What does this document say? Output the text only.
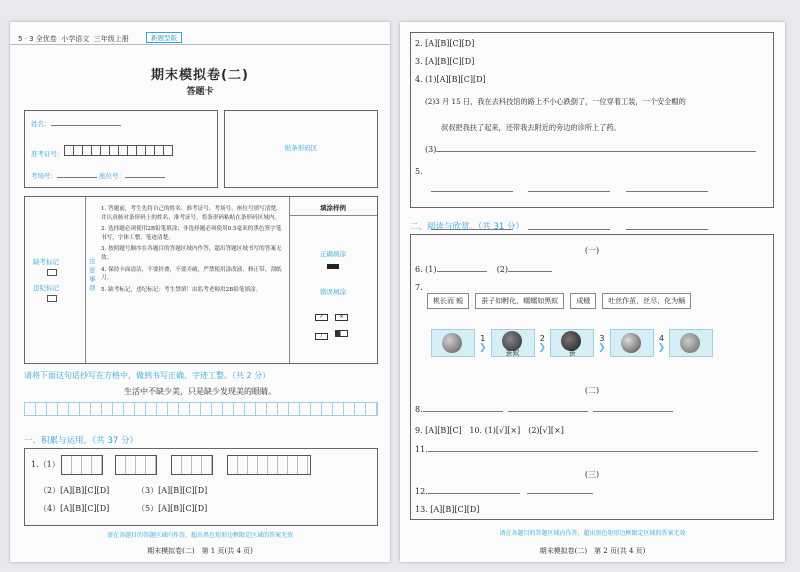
5 · 3 全优卷 小学语文 三年级上册	新题型版
期末模拟卷(二)
答题卡
姓名：
准考证号：
考场号：	座位号：
贴条形码区
缺考标记
违纪标记
注意事项
1. 答题前，考生先将自己的姓名、准考证号、考场号、座位号填写清楚，并认真核对条形码上的姓名、准考证号，将条形码粘贴在条形码区域内。
2. 选择题必须使用2B铅笔填涂；非选择题必须使用0.5毫米的黑色签字笔书写，字体工整、笔迹清楚。
3. 按照题号顺序在各题目的答题区域内作答，超出答题区域书写的答案无效。
4. 保持卡面清洁，不要折叠，不要弄破，严禁使用涂改液、修正带、刮纸刀。
5. 缺考标记，违纪标记：考生禁填！由监考老师用2B铅笔填涂。
填涂样例
正确填涂
错误填涂
✓	✕
/
请将下面这句话抄写在方格中，做到书写正确、字迹工整。（共 2 分）
生活中不缺少美，只是缺少发现美的眼睛。
一、积累与运用。（共 37 分）
1.（1）
（2）[A][B][C][D]	（3）[A][B][C][D]
（4）[A][B][C][D]	（5）[A][B][C][D]
请在各题目的答题区域内作答，超出黑色矩形边框限定区域的答案无效
期末模拟卷(二)　第 1 页(共 4 页)
2. [A][B][C][D]
3. [A][B][C][D]
4. (1)[A][B][C][D]
(2)3 月 15 日，我在去科技馆的路上不小心跌倒了，一位穿着工装，一个安全帽的
叔叔把我扶了起来，还带我去附近的旁边的诊所上了药。
(3)
5.

二、阅读与欣赏。（共 31 分）
(一)
6. (1)	(2)
7.
桃长而 蜕	蚕子如孵化，蠕蠕如黑蚁	成蛾	吐丝作茧，丝尽，化为蛹
1
❯
蚕蚁
2
❯
蚕
3
❯
4
❯
(二)
8.
9. [A][B][C] 10. (1)[√][×]　(2)[√][×]
11.
(三)
12.
13. [A][B][C][D]
请在各题目的答题区域内作答，超出黑色矩形边框限定区域的答案无效
期末模拟卷(二)　第 2 页(共 4 页)
